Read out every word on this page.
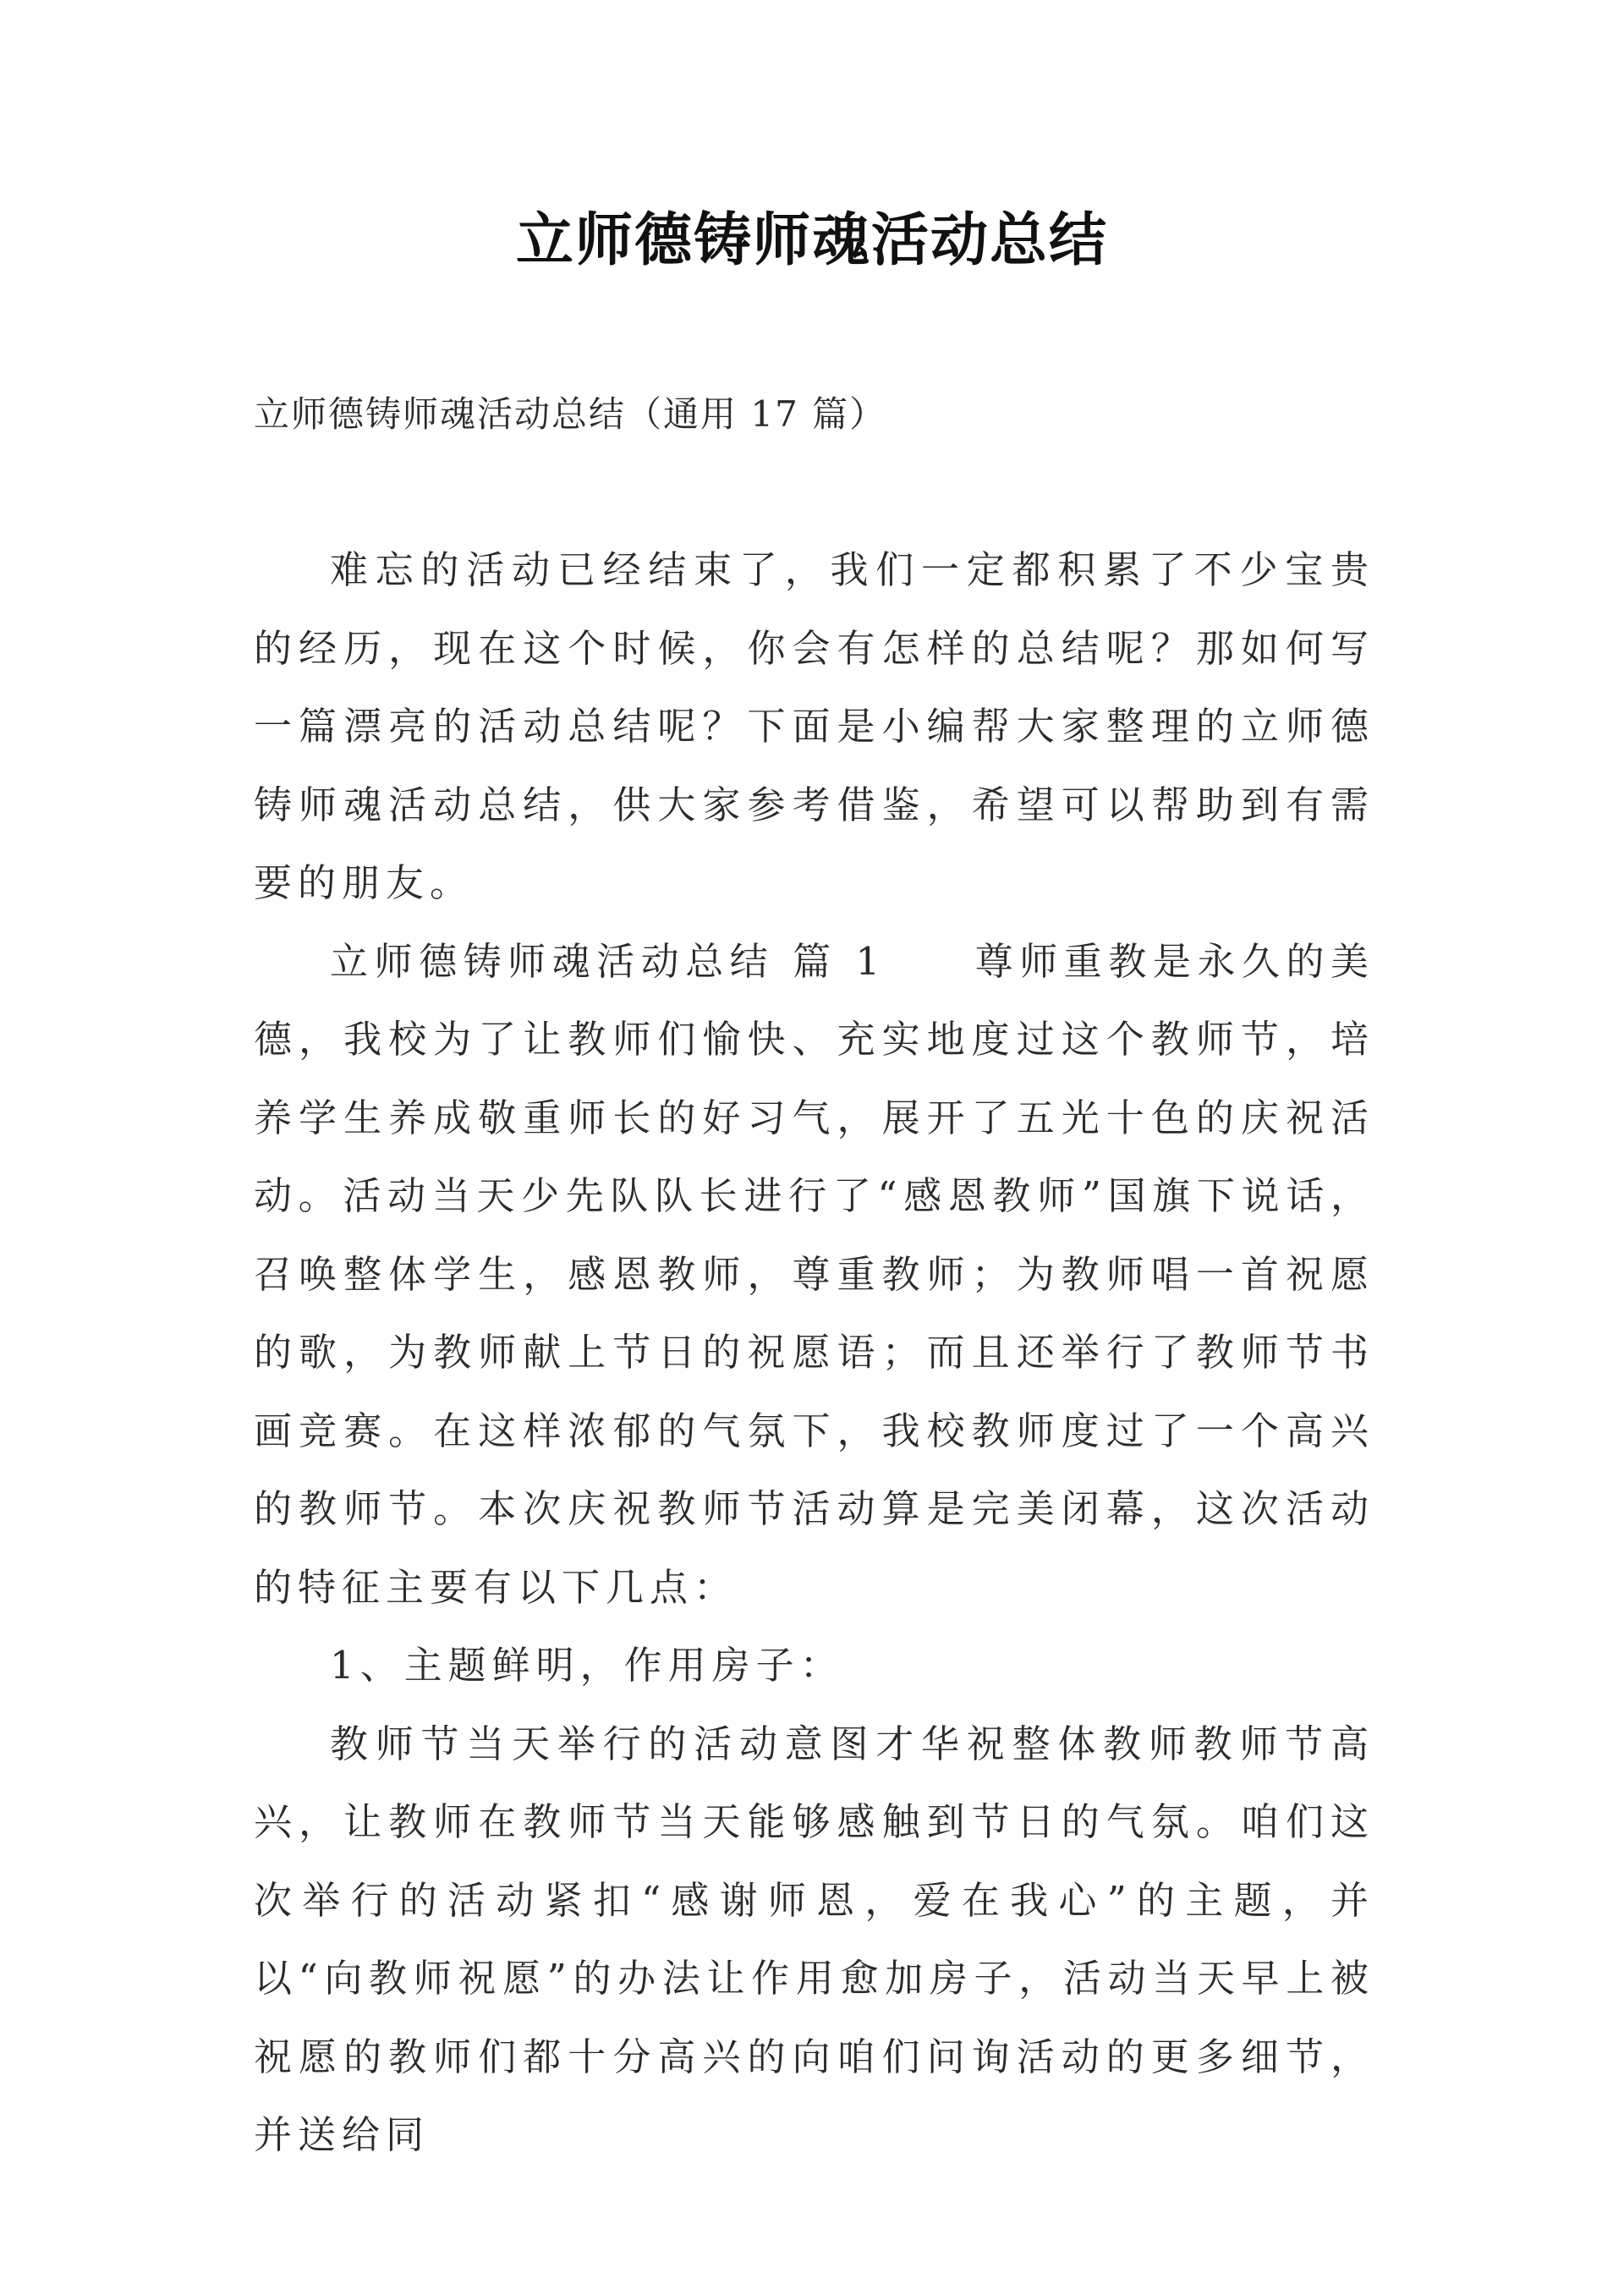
立师德铸师魂活动总结
立师德铸师魂活动总结（通用 17 篇）

难忘的活动已经结束了，我们一定都积累了不少宝贵的经历，现在这个时候，你会有怎样的总结呢？那如何写一篇漂亮的活动总结呢？下面是小编帮大家整理的立师德铸师魂活动总结，供大家参考借鉴，希望可以帮助到有需要的朋友。

立师德铸师魂活动总结 篇 1　　尊师重教是永久的美德，我校为了让教师们愉快、充实地度过这个教师节，培养学生养成敬重师长的好习气，展开了五光十色的庆祝活动。活动当天少先队队长进行了“感恩教师”国旗下说话，召唤整体学生，感恩教师，尊重教师；为教师唱一首祝愿的歌，为教师献上节日的祝愿语；而且还举行了教师节书画竞赛。在这样浓郁的气氛下，我校教师度过了一个高兴的教师节。本次庆祝教师节活动算是完美闭幕，这次活动的特征主要有以下几点：

1、主题鲜明，作用房子：

教师节当天举行的活动意图才华祝整体教师教师节高兴，让教师在教师节当天能够感触到节日的气氛。咱们这次举行的活动紧扣“感谢师恩，爱在我心”的主题，并以“向教师祝愿”的办法让作用愈加房子，活动当天早上被祝愿的教师们都十分高兴的向咱们问询活动的更多细节，并送给同
